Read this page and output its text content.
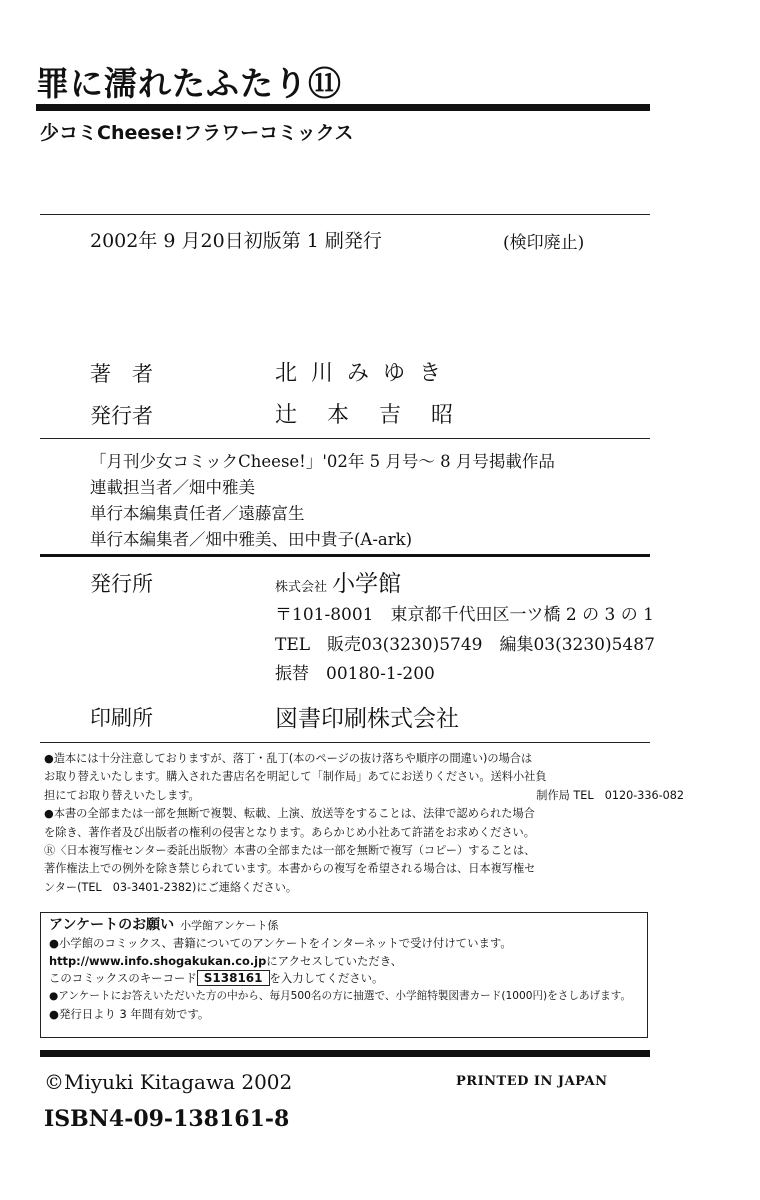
罪に濡れたふたり⑪
少コミCheese!フラワーコミックス
2002年 9 月20日初版第 1 刷発行	(検印廃止)
著　者	北川みゆき
発行者	辻本吉昭
「月刊少女コミックCheese!」'02年 5 月号～ 8 月号掲載作品
連載担当者／畑中雅美
単行本編集責任者／遠藤富生
単行本編集者／畑中雅美、田中貴子(A-ark)
発行所	株式会社 小学館
〒101-8001　東京都千代田区一ツ橋 2 の 3 の 1
TEL　販売03(3230)5749　編集03(3230)5487
振替　00180-1-200
印刷所	図書印刷株式会社
●造本には十分注意しておりますが、落丁・乱丁(本のページの抜け落ちや順序の間違い)の場合は
お取り替えいたします。購入された書店名を明記して「制作局」あてにお送りください。送料小社負
担にてお取り替えいたします。	制作局 TEL　0120-336-082
●本書の全部または一部を無断で複製、転載、上演、放送等をすることは、法律で認められた場合
を除き、著作者及び出版者の権利の侵害となります。あらかじめ小社あて許諾をお求めください。
Ⓡ〈日本複写権センター委託出版物〉本書の全部または一部を無断で複写（コピー）することは、
著作権法上での例外を除き禁じられています。本書からの複写を希望される場合は、日本複写権セ
ンター(TEL　03-3401-2382)にご連絡ください。
アンケートのお願い 小学館アンケート係
●小学館のコミックス、書籍についてのアンケートをインターネットで受け付けています。
http://www.info.shogakukan.co.jpにアクセスしていただき、
このコミックスのキーコード S138161 を入力してください。
●アンケートにお答えいただいた方の中から、毎月500名の方に抽選で、小学館特製図書カード(1000円)をさしあげます。
●発行日より 3 年間有効です。
©Miyuki Kitagawa 2002	PRINTED IN JAPAN
ISBN4-09-138161-8
